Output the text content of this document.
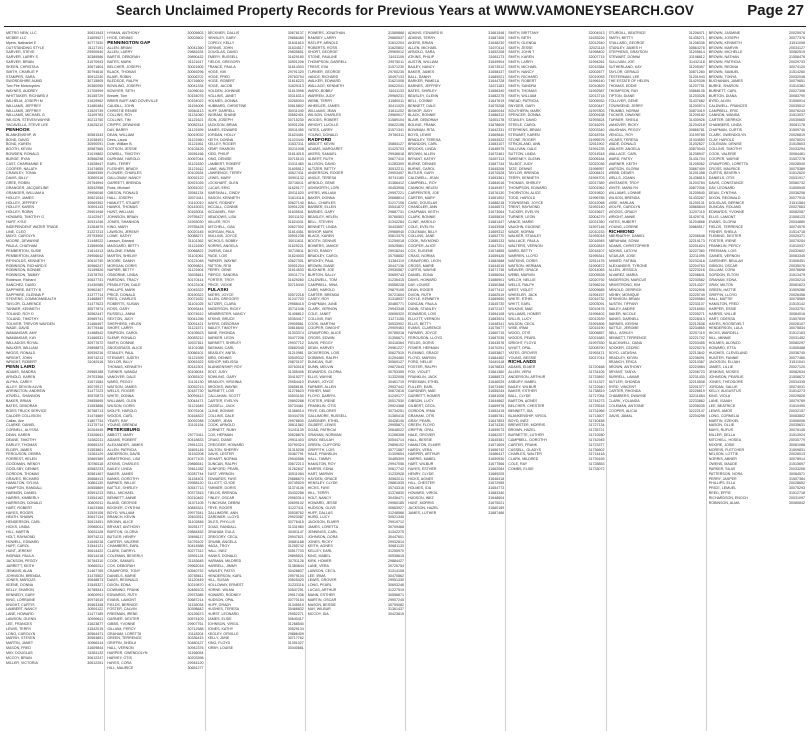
Search Unclaimed Property Records for Previous Years at WWW.VAMONEYSEARCH.GOV	Page 27
METRO NEW, LLC	30631943
MCBEE LLC	31609527
Myers, Nathaniel E	30777530
OUTSTANDING STYLE	31117191
SARVER, STEVE	29900540
SARVER, LARRY S	30389586
SARVER, BRIAN	31970943
SKEEN, CHRISTA A	30671804
SMITH, CHARLIE P	30794616
STAMPER, SARA	30912240
SWORDSHIRE AUMD	30715805
Two Fire Motorcycles	30360095
WAYNES, AUDREY	31705999
WHITTAKER, RICHARD A	30155729
WILHELM, JOSEPH M	31629962
WILLIAMS, JEFFREY	31480484
WILLIAMS, JEFFREY	31529739
WILLIAMS, MICHAEL G	31109783
WILSON, STEVEN WAYNE	30213750
YACAVELLA, STEVE LEE	31625210
PENHOOK
BLANKENSHIP, W	30581543
BOND, DAVID	31038491
BOND, KAREN	30590091
BOOTH, KEVIN	30587565
BOWDEN, RONALD	31019862
BURGE, RYAN	30566298
CAST, CHARMAINE E	31528947
COOPER, NALATH	31474655
CRAWLEY, TONIA	30669355
DAVIS, BILLY	30569116
GREE, ROBIN	29754994
GRANGER, JACQUELINE	30542958
GRANGER, WILLIAM A	29906046
HOLLEY, JAMES	30621044
HOLLEY, JEFFREY	30669352
HOLLEY, KAREN	30591143
HOLLEY, ROBIN	29901948
HOWARD, TIMOTHY G	31102947
HURT, KYLE	30931246
INDEPENDENT WATER TRADE	31264875
LINE, CLEO	31227213
MAYO, CAROLYN	29793900
MOORE, DEWAYNE	31448022
PAULA, CHATHAM	31569008
PEMBERTON, SUSIE	31614313
PEMBERTON, ANISHA	29906642
REYNOLDS, KENNETH	30610740
ROBINSON, RICHARD E	30966247
ROBINSON, BONNIE	31159826
ROBINSON, TAMMY	31578753
Robinson, Richard	30637741
SANCHEZ, DAVID	31430085
SAPPHIRE, BETTY B	30962407
SAPPHIRE, GLENNA P	31377714
STEVENS, COMMONWEALTH	31468897
TAYLOR, CLARENCE	31477623
TANNER, KENNETH	30577874
TOLAND, ROY D	30562447
TOLAND, TIMOTHY	30969741
TOLIVER, TREVOR WAYDEN	31466467
WADE, DAVID	30779346
WAMANGAR, AMY	31488542
WAMANGAR, KAY	31466531
WILLADOIS ROYAL	30977672
WALKER, WILLIAM	29898873
WIGGS, RONALD	30939216
WRIGHT, JOHN	30574213
WRIGHT, ROBERT	31049116
PENN LAIRD
ADAMS, SANDRA	29965188
ARNOLD, KAREN	29703368
ALPHA, CAREY	31671584
ALLEY, DEVON ALVIN	30079917
ARRINGTON, ANDREW	31477223
ATWELL, SHANNON	30570873
BAKER, BRIAN	29855695
BATES, DEBORAH	31553866
BOB'S TRUCK SERVICE	30768713
CALDER COLLISION	31474669
Callan, Ann	31807734
CLARKE, DANIEL	31375714
CORNELL, ALYSSA	30264545
DEAN, KAREN	31526641
DEANE, TIMOTHY	31582211
EARLEY, THOMAS	30665124
ELDER, JAMES	31553861
FERGUSON, DEBRA	31561129
FORREST, HELEN	30869389
GOODMAN, WENDY	30786118
GOOLSBY, DENNIS	30582233
GORDON, THOMAS	30581467
GRAVES, RICHARD	30668413
HAMILTON, SYLVIA	30861130
HAMPTON, RANDALL	30555869
HARMON, DANIEL	30591213
HARRIS, KIMBERLY	31554162
HARRISON, DONALD	30609211
HART, ROBERT	31623366
HAYES, ROGER	31529108
HEATH, SHAWN	30647134
HENDERSON, CARL	30613451
HICKS, LINDA	29965011
HILL, MARTIN	30631128
HOLT, RAYMOND	30974213
HOWELL, EDWARD	31545218
HUFF, CAROL	31544121
HUNT, JEREMY	30614422
INGRAM, PAULA	30614418
JACKSON, PEGGY	30784310
JARRETT, KEITH	30665311
JENKINS, ALAN	31467765
JOHNSON, BRENDA	31475502
JONES, MARCUS	30648873
KEENE, DONNA	31545327
KELLY, SHARON	30785541
KENNEDY, GARY	30609911
KING, LORRAINE	30974515
KNIGHT, CURTIS	30563348
LAMBERT, NANCY	30591122
LANE, HOWARD	31477189
LAWSON, GLENN	30599611
LEE, FRANCES	31623877
LEWIS, TERRY	31542015
LONG, CAROLYN	30564471
MARSH, STEVEN	30563891
MARTIN, JANET	30966114
MASON, FRED	31609844
MAY, DOUGLAS	31551132
MCCOY, BRIAN	30612247
MILLER, VICTORIA	30612251
HYMAN, ANTHONY	30005603
HYDE, DENNIS	30003602
PENNINGTON GAP
ALLEN, BRIAN	30041360
ALLEN, LARRY	29881634
BARTIS, DEBORAH	29890432
BATES, MARK	31121617
BELCHER, JOSEPH	30021605
BLACK, THOMAS	30069296
BLAIR, ROBIN	30006702
BLEDSOE, RALPH	30716609
BOWLING, JOSEPH	30041334
BOWYER, SETH	31096016
Brewer, Tom	30154076
BRIER BUFF AND DOVEVILLE	30154022
CAUDILL, JOHN	31154006
CHRISTIE RENEE	30064113
COLLINS, ROY	31131060
COLLINS, TIM	31121621
CRIPPS, DEWAYNE	30082314
DAY, BARRY	31121599
DEAN, WILLIAM	30019032
Dees, Laura	31121560
Dole, William B	31121561
DOTSON, JESSIE	30103426
DOWELL, TIMOTHY	30091166
DURHAM, HAROLD	30067044
EARL, TERRY	31121630
FLESHER, BRADY	31121612
FLOWER, CHARLES	30102634
GALLOWAY, NANCY	30092122
GARRETT, BRENDA	30921026
Ross, Michael	30051022
GIBSON, RONALD	30061134
HALL, JOSEPH	30074411
HAMLETT, STUART	31110010
HAWKS, THOMAS	30143023
HUNT, WILLIAM	30163004
JOHNSON, BRIAN	29795427
JONES, SHANNON	31593030
KING, MARY	29755428
LAWSON, JEREMY	30020145
LOWE, KATHY	30088271
Lawson, Edward	31101362
MAGGARD, BETTY	31121630
MALONE, EMMA	30066822
MARTIN, SHELBY	31101061
MOORE, DANNY	30121048
MORGAN, DORIS	30099821
NAPIER, BETTY	31121604
OSBORNE, LINDA	30035611
PARSONS, TRACY	30170414
PENDLETON, DALE	30123104
PHILLIPS, MARK	30045322
PRICE, DONALD	30190322
REED, CHARLES	30071632
ROBERTS, SUSAN	31101025
ROSS, GARY	30093444
RUSSELL, ANNA	30074612
SEXTON, JUDY	30041256
SHEPHERD, HELEN	30091421
SHORT, LARRY	31121571
SIMPSON, CAROL	30105623
SLEMP, RONALD	30083212
SMITH, DONNIE	30037811
SNODGRASS, ALICE	31101088
STANLEY, PAUL	30066101
STEWART, JUDITH	31121599
TAYLOR, BILLY	30061622
THOMAS, KENNETH	30142301
TURNER, WANDA	30106044
VANOVER, DALE	30055102
WARD, PEGGY	31101130
WATSON, JAMES	30052213
WELLS, ROGER	30187730
WHITE, DONNA	30099412
WILLIAMS, GLEN	30044471
WILSON, DORIS	31121645
WOLFE, HAROLD	30076104
WOODS, CARL	30164822
YEARY, RAY	30092288
YOUNG, BRENDA	31101154
PETERSBURG
ABBOTT, MARY	29773411
ADAMS, ROBERT	30418833
ALEXANDER, JAMES	29911221
ALLEN, PATRICIA	30601145
ANDERSON, DAVID	31152208
ARMSTRONG, LISA	30477103
ATKINS, CHARLES	29866541
BAILEY, LINDA	30611282
BAKER, JAMES	30287744
BANKS, DOROTHY	31154401
BARNES, WILLIE	29958120
BATTLE, SHIRLEY	30547713
BELL, MICHAEL	30377815
BENNETT, ANNIE	30210462
BLAND, GEORGE	31071105
BOOKER, CYNTHIA	30845321
BOYD, WILLIAM	29977641
BRANCH, KEVIN	30633011
BROWN, ALICE	31102846
BRYANT, ANTHONY	30251177
BURTON, GLORIA	29884452
BUTLER, HENRY	30698117
CARTER, VALERIE	31076102
CHAMBERS, EARL	30414588
CLARK, DARRYL	30277312
COLEMAN, BEVERLY	30901124
COOK, SAMUEL	31183645
COX, DEBORAH	29962018
CRAWFORD, TONY	30540732
DANIELS, MARIE	30785611
DAVIS, REGINALD	31120449
DIXON, EDNA	30219870
DOWNING, FRANK	30466103
EDWARDS, RUTH	29973385
EVANS, LAMONT	30687214
FIELDS, BERNICE	31155034
FOSTER, CALVIN	30398842
FREEMAN, IRENE	30126673
GARNER, DEXTER	30574109
GIBBS, YVONNE	29907761
GILLIAM, PERCY	30712588
GRAHAM, LORETTA	31118204
GREEN, TERRENCE	30336415
GRIFFIN, SHEILA	30480127
HALL, VERNON	30942376
HARPER, GWENDOLYN	31166054
HARVEY, OTIS	30203398
HAYES, CORA	29944120
HILL, MAURICE	30651277
BECKNER, DALLIS	30678137
HENSLEY, GARY	29866480
COPELY, KELLY	31641610
DENNIS, JOHN	31634517
DOUGLAS, DAVID	29835651
EMERY, RUSSELL	31629180
FIELDS, GREGORY	30901206
FRANCE, PAULA	31614303
HOGE, KIM	29791320
HOGE, FRED	29783794
HOGE, ROBERT	31616223
HOGE, JACOB	31629113
HOLDEN, JOHNNIE	31613998
HOLLINS, JANET	30316314
HOLMES, DONNA	30265304
HUBBARD, CHRISTINE	30615802
HUFF, DARRELL	30011040
INGRAM, SHANE	30652401
ISON, JOSEPH	30715230
JACKSON, BRIAN	30901206
JAMES, EDWARD	30011450
JORDAN, HOLLY	31624451
KEITH, DONNA	31023440
KELLEY, ROGER	31637311
KEMP, SHARON	30211008
KIDD, PHILIP	31614015
KING, DENISE	30715103
LAMBERT, ROBERT	31011460
LANE, WALTER	31605512
LAWRENCE, TERRY	30627411
LEWIS, MARY	30901132
LOCKHART, GLEN	30716011
LUCAS, ERIC	31629177
MARSHALL, CINDY	30011520
MASON, KENNETH	31614118
MAYS, RODNEY	30627140
MCCALL, CONNIE	30901226
MCDANIEL, RAY	31635541
MEADOWS, LISA	30011102
MILLER, ROY	31624331
MITCHELL, GAIL	30627002
MORGAN, PAUL	31614451
MULLINS, JOYCE	30901238
NICHOLS, BOBBY	30011611
NORRIS, ANGELA	31629221
OWENS, DALE	30715611
PAGE, LOIS	31624003
PARKER, WAYNE	30627301
PATTON, RITA	30901204
PERRY, GENE	31614533
PIERCE, SANDRA	30011774
PORTER, TROY	31629260
PRICE, VICKIE	30715440
PULASKI
AKERS, JOYCE	30572218
ALLEN, GREGORY	31247703
ALTIZER, CLARA	29988415
ANDERSON, RICKY	30711046
ARMBRISTER, NANCY	31408812
ATKINS, BRUCE	30354417
AYERS, DEBORAH	29905561
BAILEY, TIMOTHY	30816640
BANE, RHONDA	31303374
BARKER, LEON	30477208
BARNETT, SHIRLEY	29937712
BASHAM, CARL	30682045
BEASLEY, ANITA	31210981
BIRD, DENNIS	30549332
BISHOP, MELISSA	29870107
BLANKENSHIP, ROY	30763018
BOLT, JUDY	31355406
BOWLING, GARY	30419277
BRADLEY, VIRGINIA	29954410
BROOKS, WAYNE	30658181
BURNETT, LOIS	31276623
CALLAHAN, SCOTT	30503150
CARTER, EVELYN	29892288
CASSELL, JACK	30734461
CLINE, BONNIE	31388014
COLLINS, DALE	30444705
COMER, JEAN	29978830
COOK, ARNOLD	30611562
CORNETT, RUBY	31241139
COX, HERMAN	30528876
CRAIG, DIANE	29911403
CREGGER, HOWARD	30790324
DALTON, SHERRY	31315208
DAVIS, LESTER	30467791
DEHART, NORMA	29940566
DUNCAN, RALPH	30672213
DUNFORD, PEARL	31262847
EAST, VERNON	30511084
EDWARDS, FAYE	29886670
ELLIOTT, CLYDE	30745529
FARMER, DORIS	31374106
FIELDS, BRENDA	30432258
FINLEY, OSCAR	29963314
FLINCHUM, DEBRA	30699102
FRYE, ROGER	31227411
GALLIMORE, ANN	30538762
GARDNER, LLOYD	29923087
GILES, PHYLLIS	30776415
GOAD, RANDALL	31331960
GRAHAM, EULA	30451147
GREGORY, CECIL	29947621
GRUBB, ANGELA	30681188
HAGA, TROY	31255742
HALL, INEZ	30517703
HANKS, DONALD	29895521
HARMAN, MILDRED	30751126
HARRELL, JIMMY	31380844
HAWLEY, PATSY	30428837
HENDERSON, KARL	29979104
HILL, SUSAN	30605420
HOLLOWAY, ERNEST	31233116
HORNE, WILMA	30547291
HOWARD, RODNEY	29917436
HUDSON, OPAL	30770154
HUFF, GRADY	31345519
HUGHES, TERESA	30466832
HURST, LEONARD	29952271
JAMES, ELSIE	30640417
JOHNSON, VIRGIL	31268540
JONES, KATHY	30529134
KEGLEY, ORVILLE	29886409
KELLY, JUNE	30717762
KING, FLOYD	31391027
KIRBY, LOUISE	30440681
POWERS, JONATHAN	31589868
RAMSEY, LARRY	29865537
RATLIFF, ARNOLD	31612204
ROBERTS, ROSS	31620802
SHORT, GEORGE	29969012
STONE, PAULINE	31611109
THOMPSON, DARRELL	29975011
TRENT, EVA	31571230
TURNER, GEORGE	29760235
VANCE, RICHARD	30497133
WALKER, EDWARD	31621008
WALLACE, KENNETH	30622041
WARD, BOBBY	31611133
WARREN, JUDY	29969231
WEBB, TERRY	31580011
WHEELER, JAMES	30411020
WILLIAMS, JEAN	31611202
WILSON, CHARLES	29969017
WOODS, ROBERT	31589104
WRIGHT, LUCILLE	30622156
YATES, LARRY	31571341
YOUNG, DONALD	29760311
RADFORD
ABBOTT, KEVIN	30884127
ADAMS, MARGARET	31425703
AKERS, SAMUEL	29946618
ALBERT, RUTH	30677410
ALLISON, DAVID	31283309
ALTIZER, BETTY	30512211
ANDERSON, ROGER	29903457
ANGLE, TERESA	30741160
ARNOLD, GENE	31366412
ASHWORTH, LORI	30453908
AYERS, WILLIAM	29957221
BAKER, DONNA	30688814
BALL, CHARLES	31217106
BARBER, ELLEN	30541872
BARNES, GARY	29887731
BEASLEY, HELEN	30766503
BELL, STEVEN	31342284
BENNETT, LINDA	30433657
BISHOP, MARK	29968940
BLACK, KAREN	30613375
BOOTH, DENNIS	31259018
BOWERS, JANICE	30525561
BOYD, RANDY	29918244
BRADLEY, CAROL	30708852
BRICKEY, PAUL	31384119
BROWN, DIANE	30447136
BUCKNER, JOE	29930587
BURTON, SALLY	30659743
CALDWELL, TOM	31236415
CAMPBELL, NINA	30558228
CARR, HAROLD	29879106
CARTER, BRENDA	30721604
CASEY, ROY	31318537
CHAPMAN, JUNE	30480771
CLARK, VERNON	29943348
COLE, JANET	30696320
COLLINS, RAY	31271155
COOK, MARTHA	30533902
COOPER, DWIGHT	29909463
CRAWFORD, ALICE	30785018
CROSS, EDWIN	31356671
DAVIS, PEGGY	30418364
DEAN, HARVEY	29961227
DICKERSON, LOIS	30627515
DOBBINS, RALPH	31294480
DUNCAN, SUE	30569127
DUNN, MELVIN	29872643
EDWARDS, GLORIA	30753359
ELLIS, WAYNE	31332008
EVANS, JOYCE	30461719
FARMER, ALLEN	29937442
FISHER, MAE	30672816
FLOYD, DARRYL	31249177
FOSTER, IRENE	30517530
FRANKLIN, OTIS	29924368
FRYE, DELORES	30734251
GALLIMORE, RUSSELL	31380416
GARDNER, ETHEL	30428140
GILBERT, LEWIS	29955871
GOAD, PATRICIA	30648022
GRAHAM, NORMAN	31266308
GRAY, BEULAH	30544714
GREEN, CLIFFORD	29896102
GRIFFITH, LOIS	30771587
HALE, FRANKLIN	31309654
HALL, TAMMY	30485309
HAMILTON, ROY	29947056
HARRIS, EDNA	30617742
HART, MARVIN	31233928
HAYDEN, GRACE	30562011
HENSLEY, CLYDE	29881535
HICKS, FAYE	30743316
HILL, TERRY	31376830
HOLT, NANCY	30436471
HOWARD, JESSE	29960185
HUDSON, OLIVE	30663927
HUFF, DALLAS	31248566
HURD, LUCY	30521340
JACKSON, ELMER	29919712
JAMES, LORETTA	30709468
JENNINGS, CARL	31342275
JOHNSON, DORA	30447601
JONES, RICKY	29932814
KEITH, AGNES	30681133
KELLEY, EARL	31255970
KING, MABEL	30538615
KIRK, HOMER	29884427
LANE, VERA	30726754
LAWSON, CECIL	31314108
LEE, IRMA	30470862
LEWIS, GROVER	29951330
LONG, PEARL	30693246
LUCAS, ARTHUR	31227519
MANN, ESTHER	30556871
MARTIN, OSCAR	29907245
MASON, BESSIE	30759082
MAY, WILBUR	31361437
MCCOY, IDA	30423615
ADKINS, EDWARD B	31661548
ADKINS, TERRY	31687406
AKERS, BRIAN	31648230
ALLEN, MICHAEL	31670114
ARNOLD, SARA	31652208
ATKINS, PHILIP	31681173
AUSTIN, WILLIAM	31649904
BAILEY, NANCY	31673512
BAKER, JAMES	31658437
BALL, DANNY	31689021
BARKER, PAMELA	31644728
BARNES, JEFFREY	31671163
BATES, SHIRLEY	31656340
BEASLEY, GLENN	31682275
BELL, CONNIE	31647619
BENNETT, DALE	31675208
BISHOP, JUDY	31660044
BLACK, RONNIE	31686312
BLAIR, DEBORAH	31651178
BOLING, FRANK	31678605
BOWMAN, RITA	31642331
BOYD, LEWIS	31669840
BRADLEY, TERESA	31654522
BRANDON, CARL	31683107
BROOKS, LINDA	31648975
BROWN, ALLEN	31672461
BRYANT, KATHY	31657113
BURKE, DENNIS	31687744
BURNS, CAROL	31645206
BUTLER, GARY	31670528
CALDWELL, JEAN	31653361
CAMPBELL, ROY	31684016
CANNON, HELEN	31649457
CARPENTER, JOE	31676130
CARTER, MARY	31661902
CASE, DOUGLAS	31688218
CHANDLER, ANN	31646573
CHAPMAN, KEITH	31673064
CLARK, BONNIE	31655819
CLINE, HAROLD	31681447
COLE, EVELYN	31643908
COLEMAN, BILLY	31669312
COLLINS, JANE	31652770
COOK, RAYMOND	31685133
COOPER, ALICE	31647201
COX, EUGENE	31674855
CRAIG, NORMA	31659426
CRAWFORD, LEON	31682688
CROSS, MARIE	31644015
CURTIS, WAYNE	31671736
DANIEL, EDNA	31656054
DAVIS, HOWARD	31686901
DAY, LOUISE	31650368
DEAN, ROGER	31677412
DIXON, RUTH	31662519
DOYLE, KENNETH	31689650
DUNCAN, PAULA	31645730
DUNN, STANLEY	31672147
EDWARDS, LOIS	31654108
ELLIOTT, VERNON	31683924
ELLIS, BETTY	31648341
EVANS, CLARENCE	31675677
FARMER, JOYCE	31660715
FERGUSON, LLOYD	31687035
FIELDS, DORIS	31643576
FISHER, HERMAN	31670291
FLEMING, GRACE	31653807
FLOYD, MARVIN	31684462
FORD, NELLIE	31649118
FOSTER, RALPH	31676833
FOX, VIOLET	31661360
FRANKLIN, JACK	31688573
FREEMAN, ETHEL	31646029
FULLER, EARL	31673490
GARDNER, MAE	31655244
GARRETT, HOMER	31681006
GIBSON, LUCY	31644662
GILBERT, CECIL	31669978
GORDON, IRMA	31652415
GRAHAM, OTIS	31685781
GRAY, PEARL	31647853
GREEN, FLOYD	31674330
GRIFFIN, OPAL	31659073
HALE, GROVER	31682207
HALL, BESSIE	31645381
HAMILTON, ELMER	31671609
HARDY, VERA	31656742
HARPER, ARTHUR	31686117
HARRIS, MABEL	31650930
HART, WILBUR	31677566
HAYES, ESTHER	31662084
HENRY, CLYDE	31689205
HICKS, AGNES	31646418
HILL, CHESTER	31672955
HOLMES, IDA	31654773
HOWARD, VIRGIL	31683340
HUDSON, INEZ	31648604
HUNT, MORRIS	31675021
JACKSON, HAZEL	31660189
JAMES, LUTHER	31687486
SMITH, BRITTANY	32004913
SMITH, BETH	31635226
SMITH, GLENDA	32012540
SMITH, JESSE	32021118
SMITH, JOHN T	31998402
SMITH, KAREN	32007715
SMITH, LARRY	31994261
SMITH, MICHAEL	32015384
SMITH, NANCY	32002677
SMITH, RICHARD	32019053
SMITH, ROBERT	31996140
SMITH, SANDRA	32010829
SMITH, THOMAS	31992587
SMITH, WILLIAM	32013716
SNEAD, PATRICIA	32005932
SNYDER, GARY	32020447
SOUTHERN, MARK	31997803
SPENCER, DONNA	32009158
STANLEY, DAVID	31993624
STEELE, CAROL	32016291
STEPHENS, BRIAN	32003340
STEWART, KAREN	32018764
STONE, ROGER	31995576
STRICKLAND, ANN	32011902
SULLIVAN, DALE	31991235
SUTTON, LINDA	32014518
SWEENEY, GLENN	32006184
TALBOT, JUDY	32022036
TATE, DENNIS	31998957
TAYLOR, BRENDA	32008421
TERRY, KENNETH	31994703
THOMAS, SHIRLEY	32017389
THOMPSON, EDWARD	32001962
THORNTON, ALICE	32019820
TODD, HAROLD	31996785
TOWNSEND, JOYCE	32012068
TRENT, RAYMOND	31992140
TUCKER, EVELYN	32015627
TURNER, LEON	32004279
VANCE, MARIE	32021350
VAUGHN, EUGENE	31997146
WADE, NORMA	32010233
WALKER, STANLEY	31993018
WALLACE, PAULA	32016945
WALTERS, VERNON	32002815
WARD, BETTY	32018107
WARREN, LLOYD	31995341
WATKINS, DORIS	32011476
WATSON, HERMAN	31990872
WEAVER, GRACE	32014063
WEBB, MARVIN	32005528
WELCH, NELLIE	32020792
WELLS, RALPH	31998216
WEST, VIOLET	32009685
WHEELER, JACK	31994157
WHITE, ETHEL	32016732
WHITT, EARL	32003091
WILKINS, MAE	32019476
WILLIAMS, HOMER	31996402
WILLIS, LUCY	32012639
WILSON, CECIL	31991806
WISE, IRMA	32015190
WOOD, OTIS	32006857
WOODS, PEARL	32021683
WRIGHT, FLOYD	31997530
WYATT, OPAL	32008790
YATES, GROVER	31993471
YOUNG, BESSIE	32017014
RICHLANDS
ADAMS, ELMER	31720468
ALLEN, VERA	31734105
ANDERSON, ARTHUR	31715892
ASBURY, MABEL	31741327
BAILEY, WILBUR	31722640
BAKER, ESTHER	31738819
BALL, CLYDE	31717054
BARTON, AGNES	31744273
BELCHER, CHESTER	31725518
BENNETT, IDA	31731966
BLANKENSHIP, VIRGIL	31713607
BOYD, INEZ	31740458
BREWSTER, MORRIS	31727134
BROWN, HAZEL	31735721
BURNETTE, LUTHER	31719280
CAMPBELL, DOROTHY	31742945
CARTER, FRANK	31723377
CASSELL, GLADYS	31736602
CHARLES, WALTER	31714418
CLARK, MILDRED	31739165
COLE, RAY	31728853
COMBS, ELSIE	31733072
STURGILL, BEATRICE	31206471
SMITH, BETTY	31435271
STALLARD, GEORGE	31208335
STANLEY, JAMES H	30864278
STEPHENS, GRAYSON	31205614
STEWART, DONNA	31198812
SULLIVAN, JOE	31432118
SUTHERLAND, KAY	31205497
TAYLOR, GERALD	30871260
TESTERMAN, LEE	31201943
THE ESTATE OF HELEN	31429308
THOMAS, EDDIE	31207751
THOMPSON, RAY	30868135
TIPTON, DIANE	31203026
TOLLIVER, GENE	31437682
TOWNSEND, JERRY	31200574
TRUMBO, NORMA	30873419
TUCKER, DWAYNE	31209182
TURNER, SHEILA	31430926
VANOVER, RICKY	31204218
VAUGHAN, PEGGY	30866781
VENCILL, ROY	31199765
VICARS, TERESA	31434550
WADE, DONALD	31202627
WALKER, ANGELA	30870043
WALLACE, CARL	31208947
WARD, PATSY	31431704
WARNER, KEITH	31205062
WATSON, GLORIA	30867409
WEBB, DEWEY	31201358
WELLS, JOANN	31436815
WHITAKER, TROY	31203784
WHITE, MARILYN	30872306
WILLIAMS, LONNIE	31209540
WILSON, BRENDA	31433267
WISE, HARLAN	31200131
WOLFE, CAROLYN	30865844
WOODS, GRADY	31207115
WRIGHT, ANNIE	31429741
YATES, HUBERT	31204866
YOUNG, LORENE	30869517
RICHMOND
ABERNATHY, DANIEL	32206548
ABRAHAM, SONIA	32219173
ADAMS, CHRISTOPHER	32201824
ADKINS, LATOYA	32227360
AGUILAR, JOSE	32211095
AHMED, FATIMA	32232418
ALEXANDER, TYRONE	32204763
ALLEN, JESSICA	32223216
ALVAREZ, MARIA	32208641
ANDERSON, MARCUS	32230582
ARMSTRONG, KIM	32214327
ARNOLD, DERRICK	32202906
ASHBY, MONIQUE	32225749
ATKINSON, BRIAN	32209584
AUSTIN, TIFFANY	32233107
BAILEY, ANDRE	32216950
BAKER, NICOLE	32205271
BANKS, DARNELL	32228413
BARNES, KEISHA	32212638
BATTLE, JEROME	32234865
BELL, ASHLEY	32207119
BENNETT, TERRENCE	32221702
BLACKWELL, DANA	32203455
BOOKER, CEDRIC	32229276
BOYD, LATASHA	32213842
BRADLEY, KEVIN	32236091
BRANCH, ERICA	32210367
BROWN, ANTHONY	32224984
BRYANT, TANYA	32206723
BURRELL, LAMAR	32231430
BUTLER, SHONDA	32215508
BYRD, VINCENT	32201377
CARTER, RHONDA	32226619
CHAMBERS, DWAYNE	32211854
CLARK, YOLANDA	32233862
COLEMAN, ANTOINE	32208035
COOPER, ALICIA	32222147
DAVIS, JAMAL	32204298
BROWN, JASMINE	20025976
BROWN, JOSEPH	30077376
BROWN, KENNETH	31511098
BROWN, MARVIN	20034127
BROWN, MICHELLE	30082519
BROWN, NATHAN	31508476
BROWN, PATRICIA	20029733
BROWN, REGINA	30074120
BROWN, SAMUEL	31514265
BROWN, TONYA	20032048
BUCHANAN, JAMES	30079651
BURKE, SHARON	31510382
BURNETT, CARL	20027306
BURTON, DIANA	30083790
BYRD, ALVIN	31506914
CALDWELL, FRANCES	20035512
CAMPBELL, ERIC	30076243
CANNON, WANDA	31513037
CARTER, DERRICK	20030665
CHAMBERS, LINDA	30081178
CHAPMAN, CURTIS	31509740
CLARK, GWENDOLYN	20026819
CLAY, HAROLD	30078024
COLEMAN, DENISE	31515603
COLLINS, TIMOTHY	20033294
COOK, VALERIE	30084461
COOPER, WAYNE	31507278
CRAWFORD, LORETTA	20028540
CROSS, MAURICE	30075389
CURTIS, BEVERLY	31512620
DANIELS, OTIS	20031917
DAVIS, CONSTANCE	30080732
DAY, LEONARD	31505945
DEAN, CYNTHIA	20036208
DIXON, REGINALD	30077915
DOUGLAS, BERNICE	31511584
DUNCAN, ROLAND	20027663
EDWARDS, YVONNE	30082087
ELLIS, LAMONT	31508123
EVANS, GLORIA	20034880
FIELDS, TERRENCE	30074576
FISHER, SHEILA	31514718
FLEMING, DEXTER	20029371
FOSTER, IRENE	30079204
FRANKLIN, PERCY	31510937
FREEMAN, LOIS	20032602
GAINES, VERNON	30083345
GARDNER, BEULAH	31506451
GIBSON, OSCAR	20035076
GILLIAM, CORA	30076698
GORDON, ELTON	31513479
GRAHAM, EDNA	20030214
GRAY, MILTON	30081623
GREEN, HATTIE	31509286
GRIFFIN, LLOYD	20026458
HALL, MATTIE	30078569
HAMILTON, FRED	31515142
HARPER, ESSIE	20033751
HARRIS, WILLIE	30084016
HART, ODESSA	31507839
HAYES, ROOSEVELT	20028107
HENDERSON, LULA	30075834
HICKS, WARDELL	31512163
HILL, MINNIE	20031452
HOLMES, ALONZO	30080297
HOWARD, ETTA	31505488
HUGHES, CLEVELAND	20036745
HUNTER, FANNIE	30077460
JACKSON, ELIJAH	31511041
JAMES, LILLIE	20027120
JENKINS, MOSES	30082634
JOHNSON, PEARLIE	31508672
JONES, THEODORE	20034335
JORDAN, SALLIE	30074031
KELLY, AUGUSTUS	31514273
KING, VIOLA	20029826
LANE, ISAIAH	30079769
LEE, BEATRICE	31510490
LEWIS, AMOS	20032157
LONG, CORNELIA	30083802
MARTIN, EZEKIEL	31506006
MASON, OLLIE	20035631
MAYS, RUFUS	30076145
MILLER, DELLA	31513924
MITCHELL, HOSEA	20030779
MOORE, JOSIE	30081086
MORRIS, FLETCHER	31509831
NELSON, LOTTIE	20026013
NORRIS, ABNER	30078914
OWENS, MAUDE	31515697
PARKER, SILAS	20033206
PATTERSON, NORA	30084571
PERRY, JASPER	31507384
PHILLIPS, ELLA	20028652
PRICE, LEMUEL	30075293
REED, EFFIE	31512718
RICHARDSON, ENOCH	20031097
ROBINSON, ALMA	30080842
